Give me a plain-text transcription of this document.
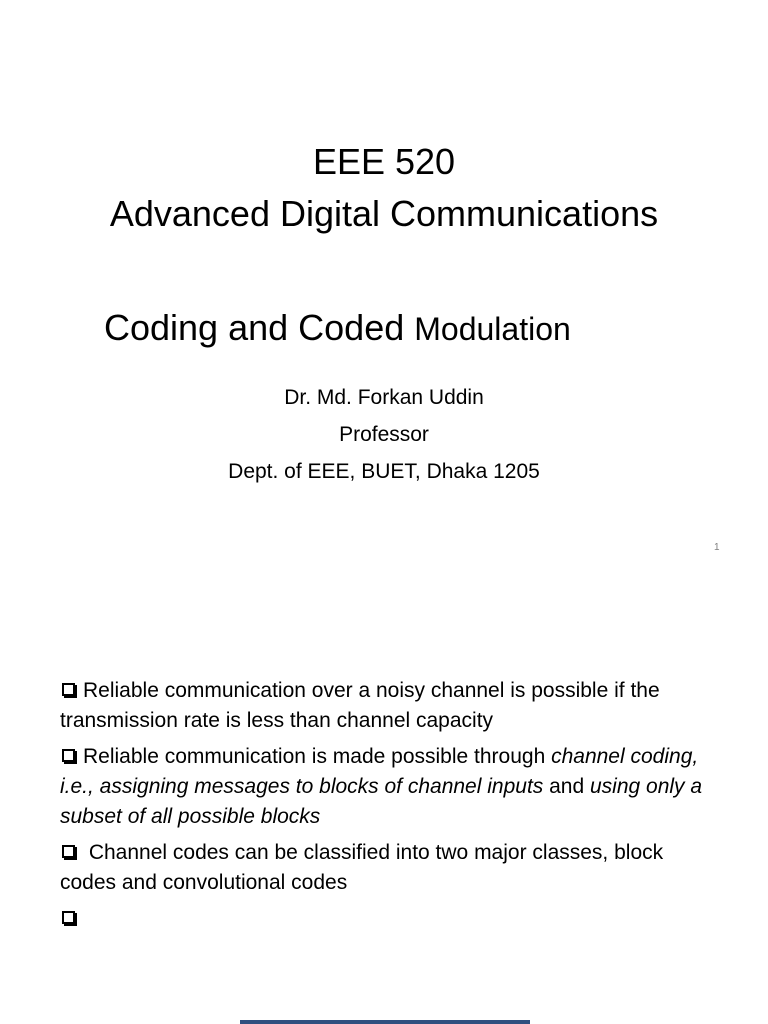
EEE 520
Advanced Digital Communications
Coding and Coded Modulation
Dr. Md. Forkan Uddin
Professor
Dept. of EEE, BUET, Dhaka 1205
1
Reliable communication over a noisy channel is possible if the transmission rate is less than channel capacity
Reliable communication is made possible through channel coding, i.e., assigning messages to blocks of channel inputs and using only a subset of all possible blocks
Channel codes can be classified into two major classes, block codes and convolutional codes
